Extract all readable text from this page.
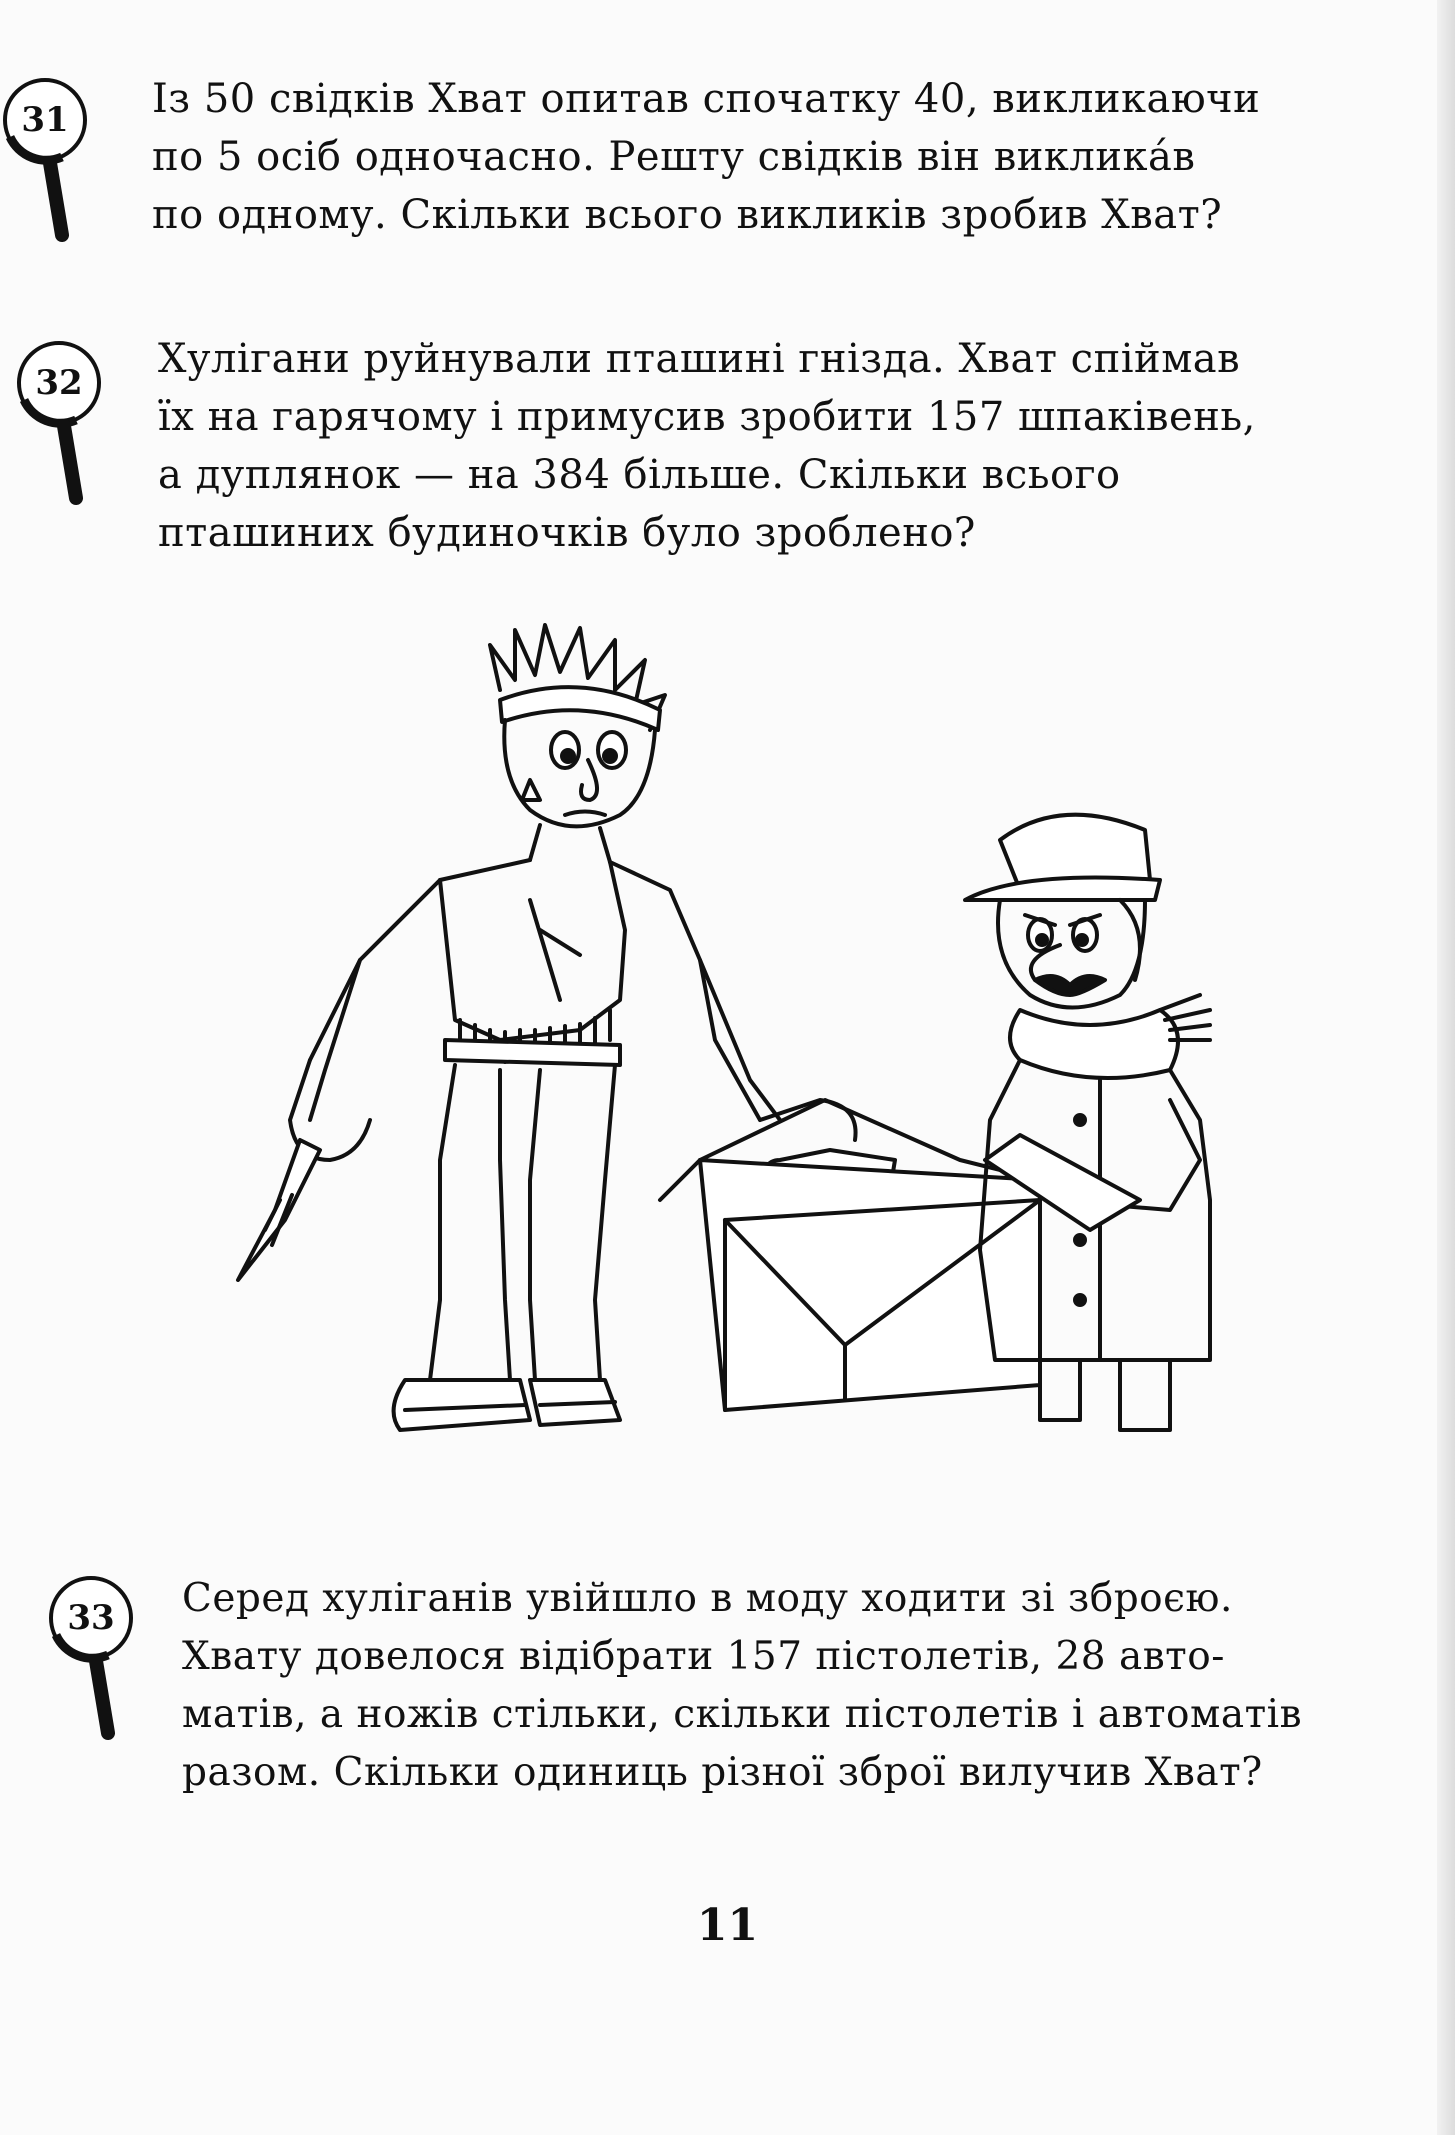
31	Із 50 свідків Хват опитав спочатку 40, викликаючи
по 5 осіб одночасно. Решту свідків він виклика́в
по одному. Скільки всього викликів зробив Хват?
32
Хулігани руйнували пташині гнізда. Хват спіймав
їх на гарячому і примусив зробити 157 шпаківень,
а дуплянок — на 384 більше. Скільки всього
пташиних будиночків було зроблено?
33	Серед хуліганів увійшло в моду ходити зі зброєю.
Хвату довелося відібрати 157 пістолетів, 28 авто-
матів, а ножів стільки, скільки пістолетів і автоматів
разом. Скільки одиниць різної зброї вилучив Хват?
11
